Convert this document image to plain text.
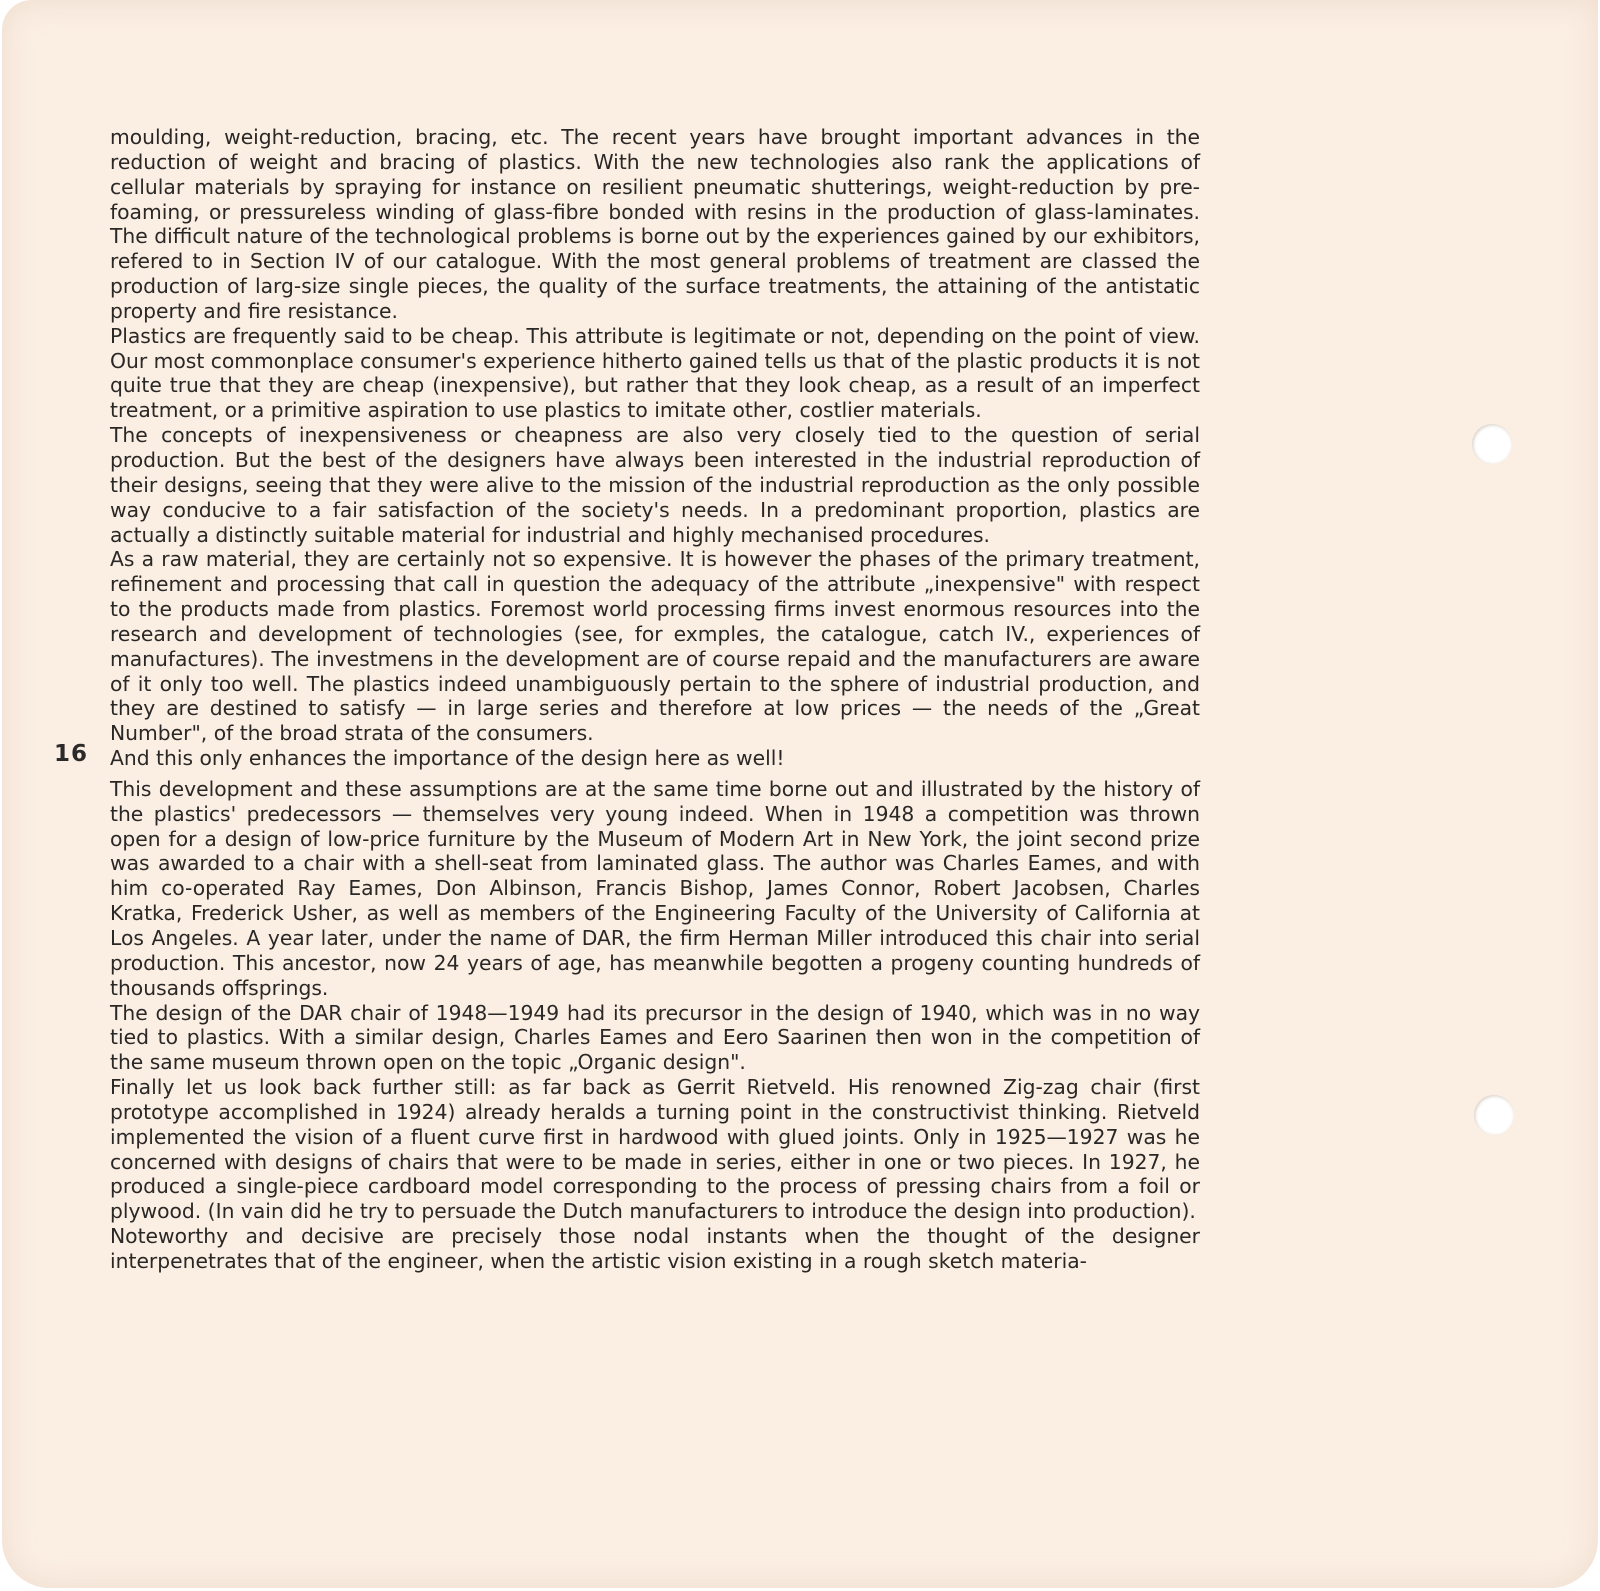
16

moulding, weight-reduction, bracing, etc. The recent years have brought important advances in the reduction of weight and bracing of plastics. With the new technologies also rank the applications of cellular materials by spraying for instance on resilient pneumatic shutterings, weight-reduction by pre-foaming, or pressureless winding of glass-fibre bonded with resins in the production of glass-laminates. The difficult nature of the technological problems is borne out by the experiences gained by our exhibitors, refered to in Section IV of our catalogue. With the most general problems of treatment are classed the production of larg-size single pieces, the quality of the surface treatments, the attaining of the antistatic property and fire resistance.

Plastics are frequently said to be cheap. This attribute is legitimate or not, depending on the point of view. Our most commonplace consumer's experience hitherto gained tells us that of the plastic products it is not quite true that they are cheap (inexpensive), but rather that they look cheap, as a result of an imperfect treatment, or a primitive aspiration to use plastics to imitate other, costlier materials.

The concepts of inexpensiveness or cheapness are also very closely tied to the question of serial production. But the best of the designers have always been interested in the industrial reproduction of their designs, seeing that they were alive to the mission of the industrial reproduction as the only possible way conducive to a fair satisfaction of the society's needs. In a predominant proportion, plastics are actually a distinctly suitable material for industrial and highly mechanised procedures.

As a raw material, they are certainly not so expensive. It is however the phases of the primary treatment, refinement and processing that call in question the adequacy of the attribute „inexpensive" with respect to the products made from plastics. Foremost world processing firms invest enormous resources into the research and development of technologies (see, for exmples, the catalogue, catch IV., experiences of manufactures). The investmens in the development are of course repaid and the manufacturers are aware of it only too well. The plastics indeed unambiguously pertain to the sphere of industrial production, and they are destined to satisfy — in large series and therefore at low prices — the needs of the „Great Number", of the broad strata of the consumers.

And this only enhances the importance of the design here as well!

This development and these assumptions are at the same time borne out and illustrated by the history of the plastics' predecessors — themselves very young indeed. When in 1948 a competition was thrown open for a design of low-price furniture by the Museum of Modern Art in New York, the joint second prize was awarded to a chair with a shell-seat from laminated glass. The author was Charles Eames, and with him co-operated Ray Eames, Don Albinson, Francis Bishop, James Connor, Robert Jacobsen, Charles Kratka, Frederick Usher, as well as members of the Engineering Faculty of the University of California at Los Angeles. A year later, under the name of DAR, the firm Herman Miller introduced this chair into serial production. This ancestor, now 24 years of age, has meanwhile begotten a progeny counting hundreds of thousands offsprings.

The design of the DAR chair of 1948—1949 had its precursor in the design of 1940, which was in no way tied to plastics. With a similar design, Charles Eames and Eero Saarinen then won in the competition of the same museum thrown open on the topic „Organic design".

Finally let us look back further still: as far back as Gerrit Rietveld. His renowned Zig-zag chair (first prototype accomplished in 1924) already heralds a turning point in the constructivist thinking. Rietveld implemented the vision of a fluent curve first in hardwood with glued joints. Only in 1925—1927 was he concerned with designs of chairs that were to be made in series, either in one or two pieces. In 1927, he produced a single-piece cardboard model corresponding to the process of pressing chairs from a foil or plywood. (In vain did he try to persuade the Dutch manufacturers to introduce the design into production).

Noteworthy and decisive are precisely those nodal instants when the thought of the designer interpenetrates that of the engineer, when the artistic vision existing in a rough sketch materia-
